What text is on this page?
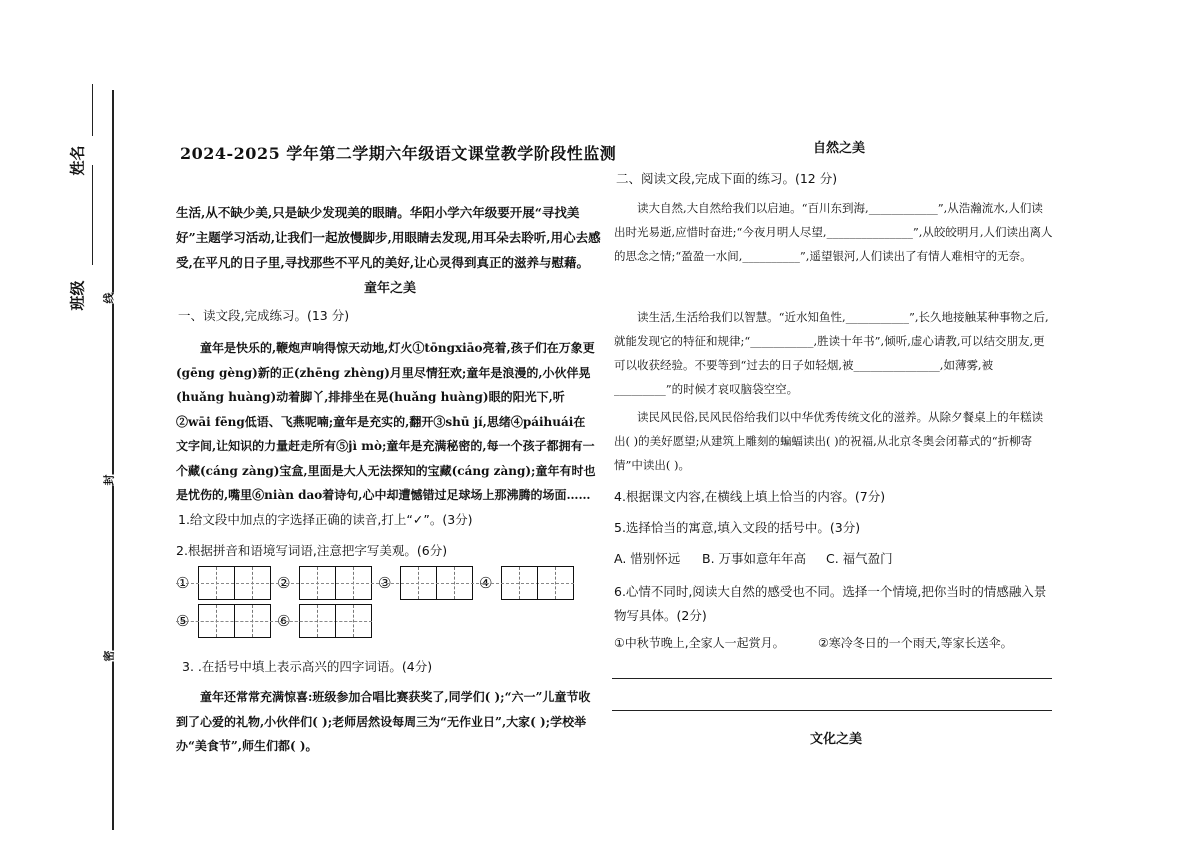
姓名
班级 线
封
密
2024-2025 学年第二学期六年级语文课堂教学阶段性监测
生活,从不缺少美,只是缺少发现美的眼睛。华阳小学六年级要开展“寻找美好”主题学习活动,让我们一起放慢脚步,用眼睛去发现,用耳朵去聆听,用心去感受,在平凡的日子里,寻找那些不平凡的美好,让心灵得到真正的滋养与慰藉。
童年之美
一、读文段,完成练习。(13 分)
童年是快乐的,鞭炮声响得惊天动地,灯火①tōngxiāo亮着,孩子们在万象更(gēng gèng)新的正(zhēng zhèng)月里尽情狂欢;童年是浪漫的,小伙伴晃(huǎng huàng)动着脚丫,排排坐在晃(huǎng huàng)眼的阳光下,听②wāi fēng低语、飞燕呢喃;童年是充实的,翻开③shū jí,思绪④páihuái在文字间,让知识的力量赶走所有⑤jì mò;童年是充满秘密的,每一个孩子都拥有一个藏(cáng zàng)宝盒,里面是大人无法探知的宝藏(cáng zàng);童年有时也是忧伤的,嘴里⑥niàn dao着诗句,心中却遭憾错过足球场上那沸腾的场面……
1.给文段中加点的字选择正确的读音,打上“✓”。(3分)
2.根据拼音和语境写词语,注意把字写美观。(6分)
①	②	③	④
⑤	⑥
3. .在括号中填上表示高兴的四字词语。(4分)
童年还常常充满惊喜:班级参加合唱比赛获奖了,同学们( );“六一”儿童节收到了心爱的礼物,小伙伴们( );老师居然设每周三为“无作业日”,大家( );学校举办“美食节”,师生们都( )。
自然之美
二、阅读文段,完成下面的练习。(12 分)
读大自然,大自然给我们以启迪。“百川东到海,____________”,从浩瀚流水,人们读出时光易逝,应惜时奋进;“今夜月明人尽望,_______________”,从皎皎明月,人们读出离人的思念之情;“盈盈一水间,__________”,遥望银河,人们读出了有情人难相守的无奈。
读生活,生活给我们以智慧。“近水知鱼性,___________”,长久地接触某种事物之后,就能发现它的特征和规律;“___________,胜读十年书”,倾听,虚心请教,可以结交朋友,更可以收获经验。不要等到“过去的日子如轻烟,被_______________,如薄雾,被_________”的时候才哀叹脑袋空空。
读民风民俗,民风民俗给我们以中华优秀传统文化的滋养。从除夕餐桌上的年糕读出( )的美好愿望;从建筑上雕刻的蝙蝠读出( )的祝福,从北京冬奥会闭幕式的“折柳寄情”中读出( )。
4.根据课文内容,在横线上填上恰当的内容。(7分)
5.选择恰当的寓意,填入文段的括号中。(3分)
A. 惜别怀远 B. 万事如意年年高 C. 福气盈门
6.心情不同时,阅读大自然的感受也不同。选择一个情境,把你当时的情感融入景物写具体。(2分)
①中秋节晚上,全家人一起赏月。	②寒冷冬日的一个雨天,等家长送伞。
文化之美
